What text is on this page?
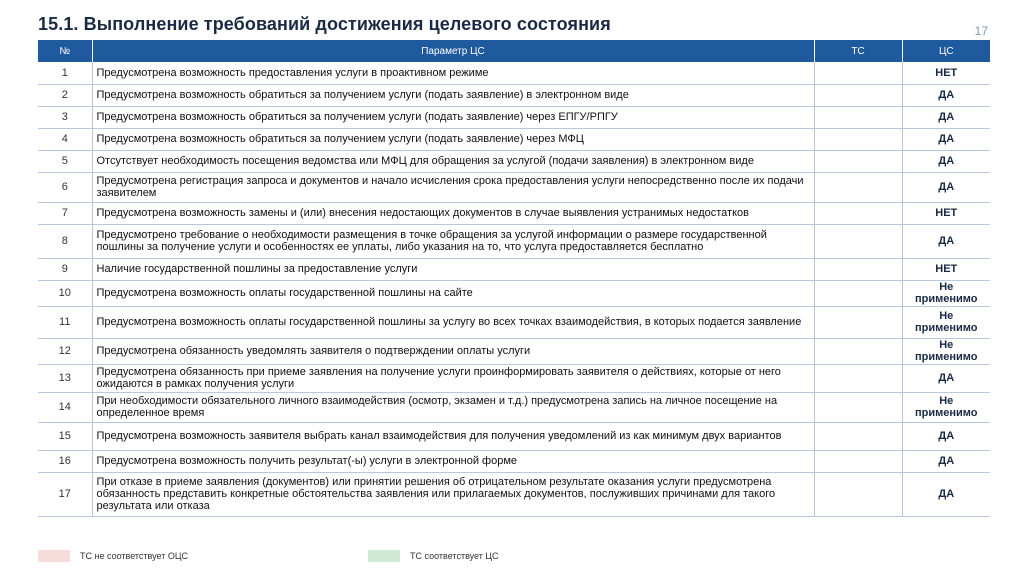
15.1. Выполнение требований достижения целевого состояния	17
№	Параметр ЦС	ТС	ЦС
1	Предусмотрена возможность предоставления услуги в проактивном режиме		НЕТ
2	Предусмотрена возможность обратиться за получением услуги (подать заявление) в электронном виде		ДА
3	Предусмотрена возможность обратиться за получением услуги (подать заявление) через ЕПГУ/РПГУ		ДА
4	Предусмотрена возможность обратиться за получением услуги (подать заявление) через МФЦ		ДА
5	Отсутствует необходимость посещения ведомства или МФЦ для обращения за услугой (подачи заявления) в электронном виде		ДА
6	Предусмотрена регистрация запроса и документов и начало исчисления срока предоставления услуги непосредственно после их подачи заявителем		ДА
7	Предусмотрена возможность замены и (или) внесения недостающих документов в случае выявления устранимых недостатков		НЕТ
8	Предусмотрено требование о необходимости размещения в точке обращения за услугой информации о размере государственной пошлины за получение услуги и особенностях ее уплаты, либо указания на то, что услуга предоставляется бесплатно		ДА
9	Наличие государственной пошлины за предоставление услуги		НЕТ
10	Предусмотрена возможность оплаты государственной пошлины на сайте		Не применимо
11	Предусмотрена возможность оплаты государственной пошлины за услугу во всех точках взаимодействия, в которых подается заявление		Не применимо
12	Предусмотрена обязанность уведомлять заявителя о подтверждении оплаты услуги		Не применимо
13	Предусмотрена обязанность при приеме заявления на получение услуги проинформировать заявителя о действиях, которые от него ожидаются в рамках получения услуги		ДА
14	При необходимости обязательного личного взаимодействия (осмотр, экзамен и т.д.) предусмотрена запись на личное посещение на определенное время		Не применимо
15	Предусмотрена возможность заявителя выбрать канал взаимодействия для получения уведомлений из как минимум двух вариантов		ДА
16	Предусмотрена возможность получить результат(-ы) услуги в электронной форме		ДА
17	При отказе в приеме заявления (документов) или принятии решения об отрицательном результате оказания услуги предусмотрена обязанность представить конкретные обстоятельства заявления или прилагаемых документов, послуживших причинами для такого результата или отказа		ДА
ТС не соответствует ОЦС	ТС соответствует ЦС
